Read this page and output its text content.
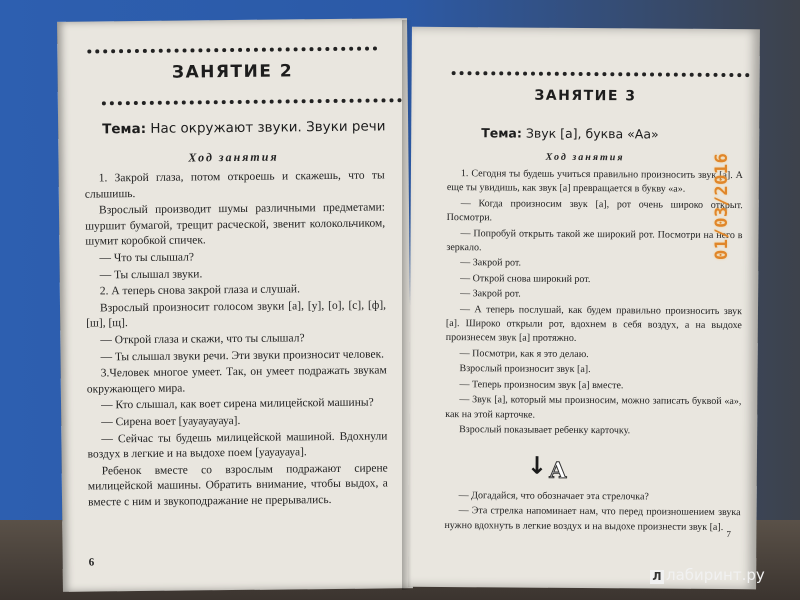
ЗАНЯТИЕ 2
Тема: Нас окружают звуки. Звуки речи
Ход занятия

1. Закрой глаза, потом откроешь и скажешь, что ты слышишь.

Взрослый производит шумы различными предметами: шуршит бумагой, трещит расческой, звенит колокольчиком, шумит коробкой спичек.

— Что ты слышал?

— Ты слышал звуки.

2. А теперь снова закрой глаза и слушай.

Взрослый произносит голосом звуки [а], [у], [о], [с], [ф], [ш], [щ].

— Открой глаза и скажи, что ты слышал?

— Ты слышал звуки речи. Эти звуки произносит человек.

3.Человек многое умеет. Так, он умеет подражать звукам окружающего мира.

— Кто слышал, как воет сирена милицейской машины?

— Сирена воет [уауауауауа].

— Сейчас ты будешь милицейской машиной. Вдохнули воздух в легкие и на выдохе поем [уауауауа].

Ребенок вместе со взрослым подражают сирене милицейской машины. Обратить внимание, чтобы выдох, а вместе с ним и звукоподражание не прерывались.

6
ЗАНЯТИЕ 3
Тема: Звук [а], буква «Аа»
Ход занятия

1. Сегодня ты будешь учиться правильно произносить звук [а]. А еще ты увидишь, как звук [а] превращается в букву «а».

— Когда произносим звук [а], рот очень широко открыт. Посмотри.

— Попробуй открыть такой же широкий рот. Посмотри на него в зеркало.

— Закрой рот.

— Открой снова широкий рот.

— Закрой рот.

— А теперь послушай, как будем правильно произносить звук [а]. Широко открыли рот, вдохнем в себя воздух, а на выдохе произнесем звук [а] протяжно.

— Посмотри, как я это делаю.

Взрослый произносит звук [а].

— Теперь произносим звук [а] вместе.

— Звук [а], который мы произносим, можно записать буквой «а», как на этой карточке.

Взрослый показывает ребенку карточку.

↓ А

— Догадайся, что обозначает эта стрелочка?

— Эта стрелка напоминает нам, что перед произношением звука нужно вдохнуть в легкие воздух и на выдохе произнести звук [а].

7
01/03/2016
Л лабиринт.ру
